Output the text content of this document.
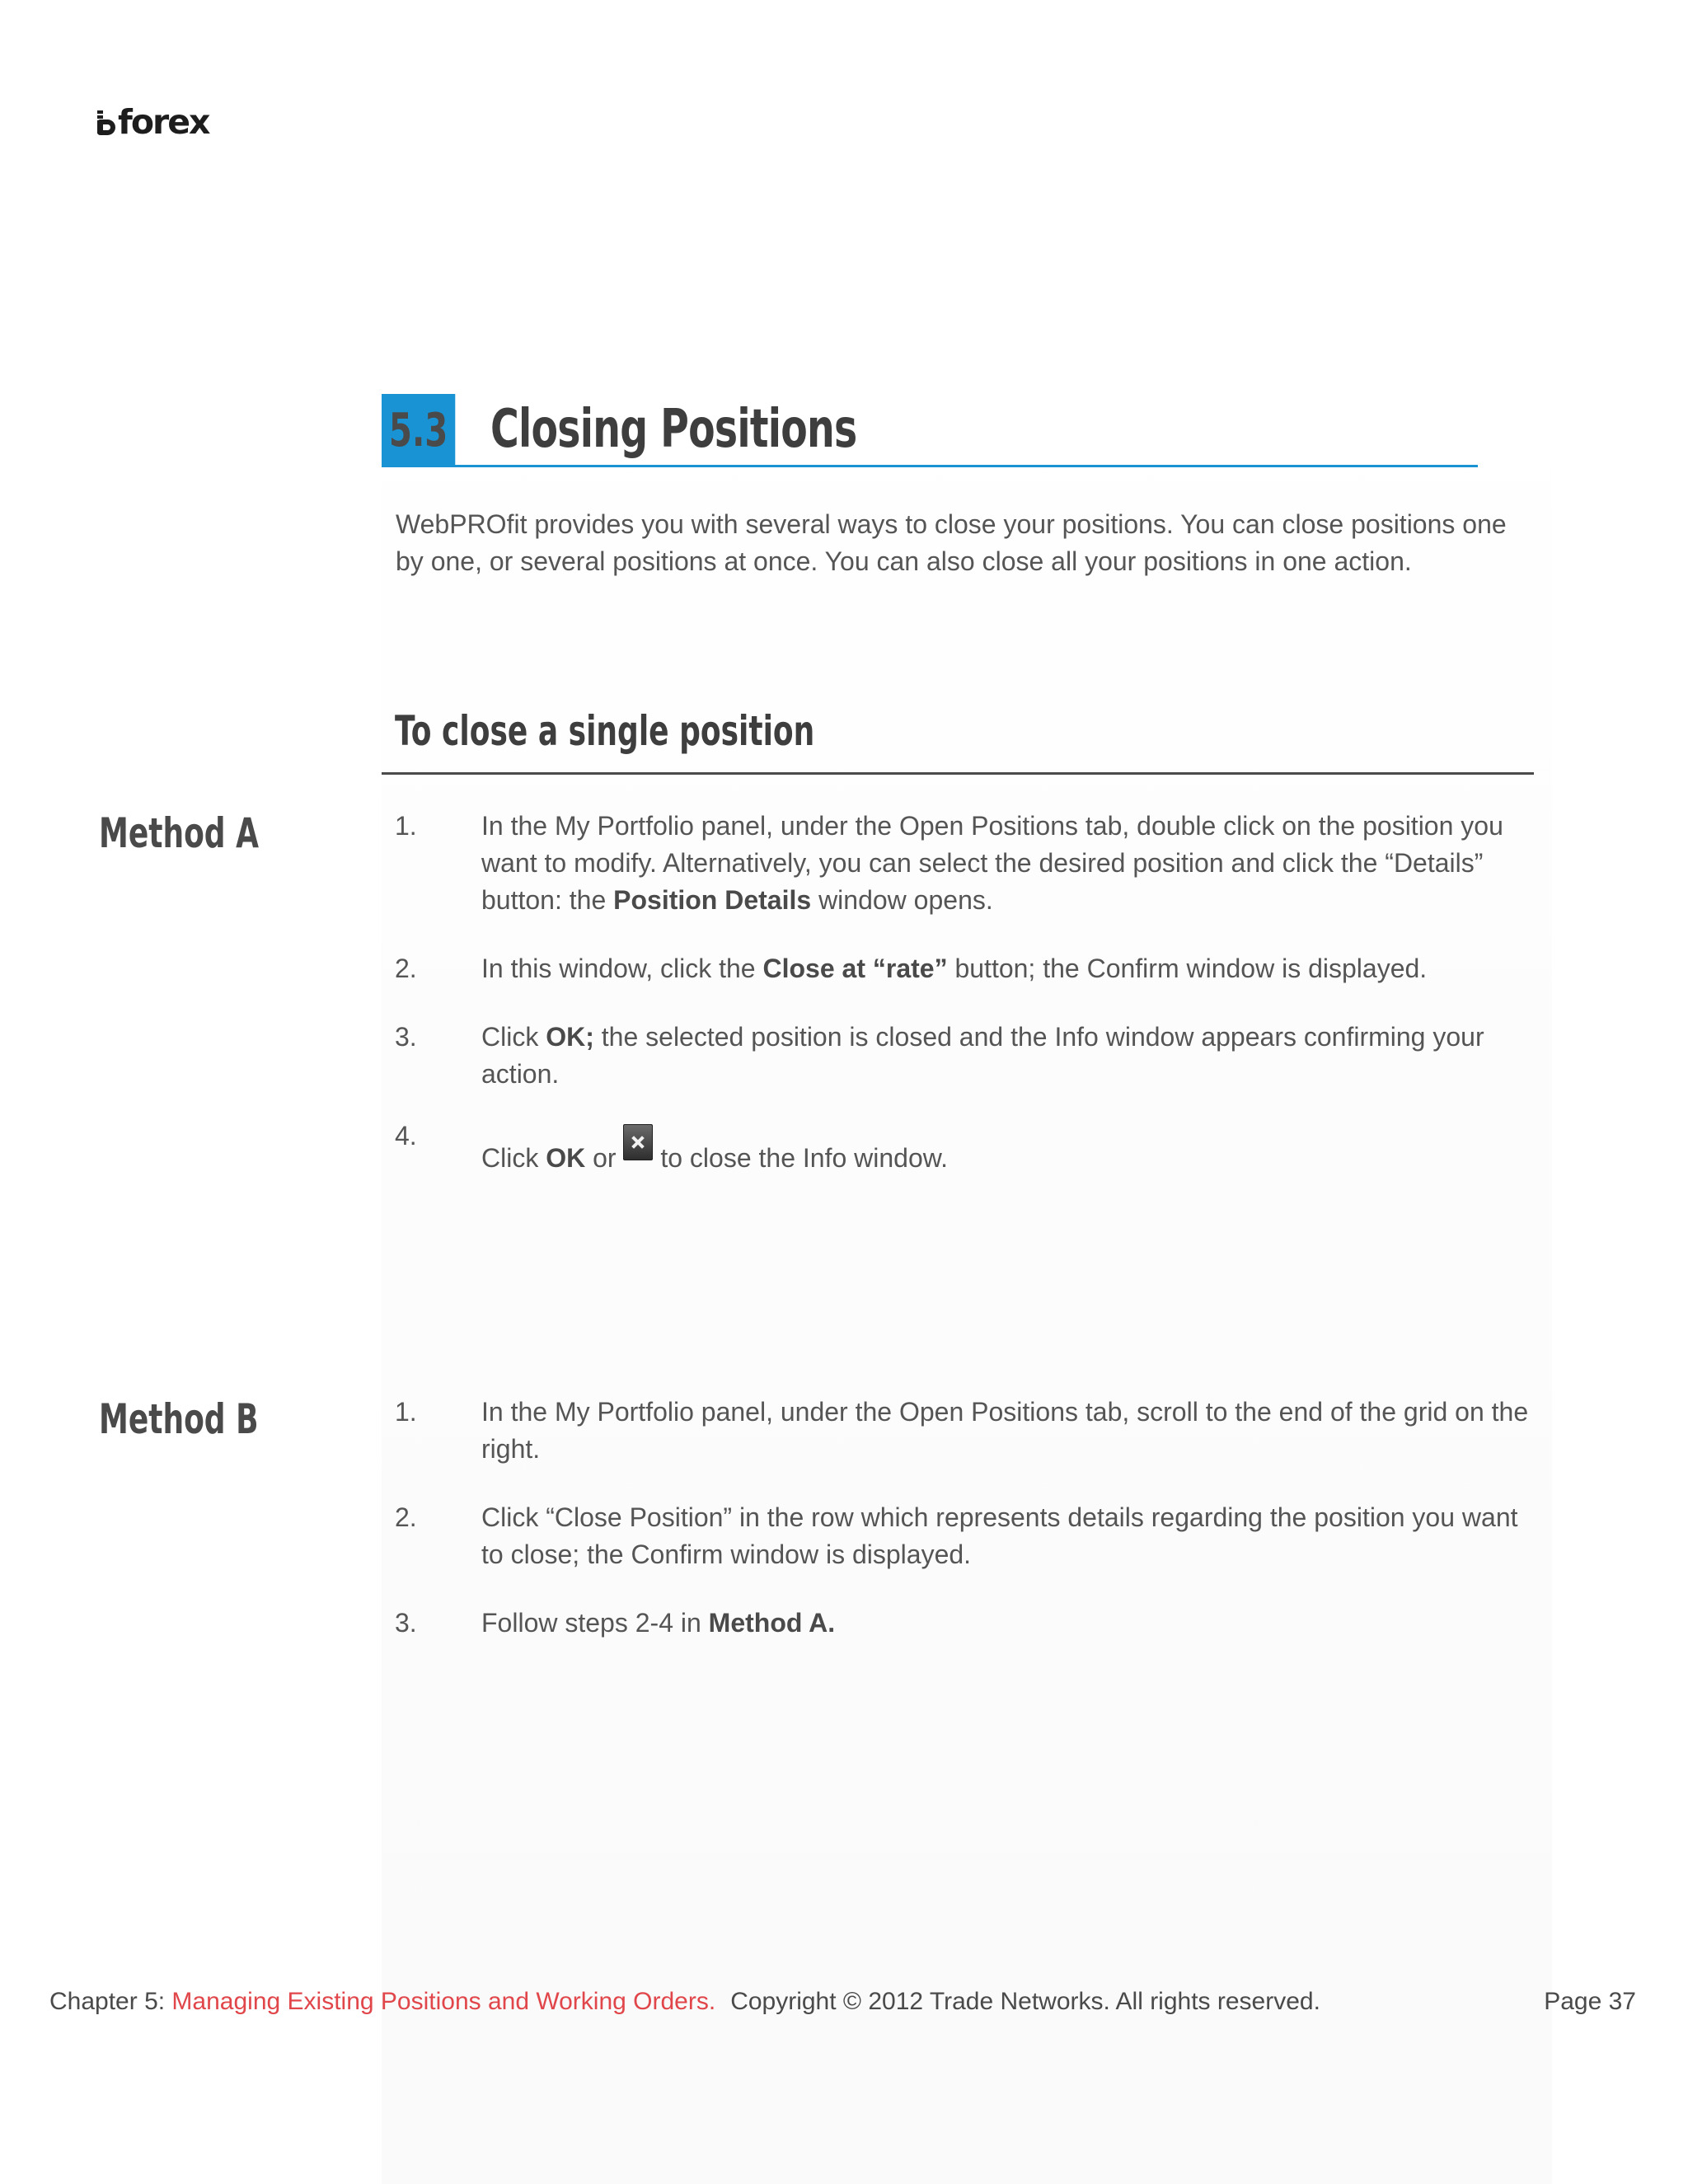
forex
5.3 Closing Positions

WebPROfit provides you with several ways to close your positions. You can close positions one by one, or several positions at once. You can also close all your positions in one action.

To close a single position
Method A	1.	In the My Portfolio panel, under the Open Positions tab, double click on the position you want to modify. Alternatively, you can select the desired position and click the “Details” button: the Position Details window opens.
2.	In this window, click the Close at “rate” button; the Confirm window is displayed.
3.	Click OK; the selected position is closed and the Info window appears confirming your action.
4.
Click OK or  to close the Info window.
Method B	1.	In the My Portfolio panel, under the Open Positions tab, scroll to the end of the grid on the right.
2.	Click “Close Position” in the row which represents details regarding the position you want to close; the Confirm window is displayed.
3.	Follow steps 2-4 in Method A.
Chapter 5: Managing Existing Positions and Working Orders. Copyright © 2012 Trade Networks. All rights reserved.	Page 37
